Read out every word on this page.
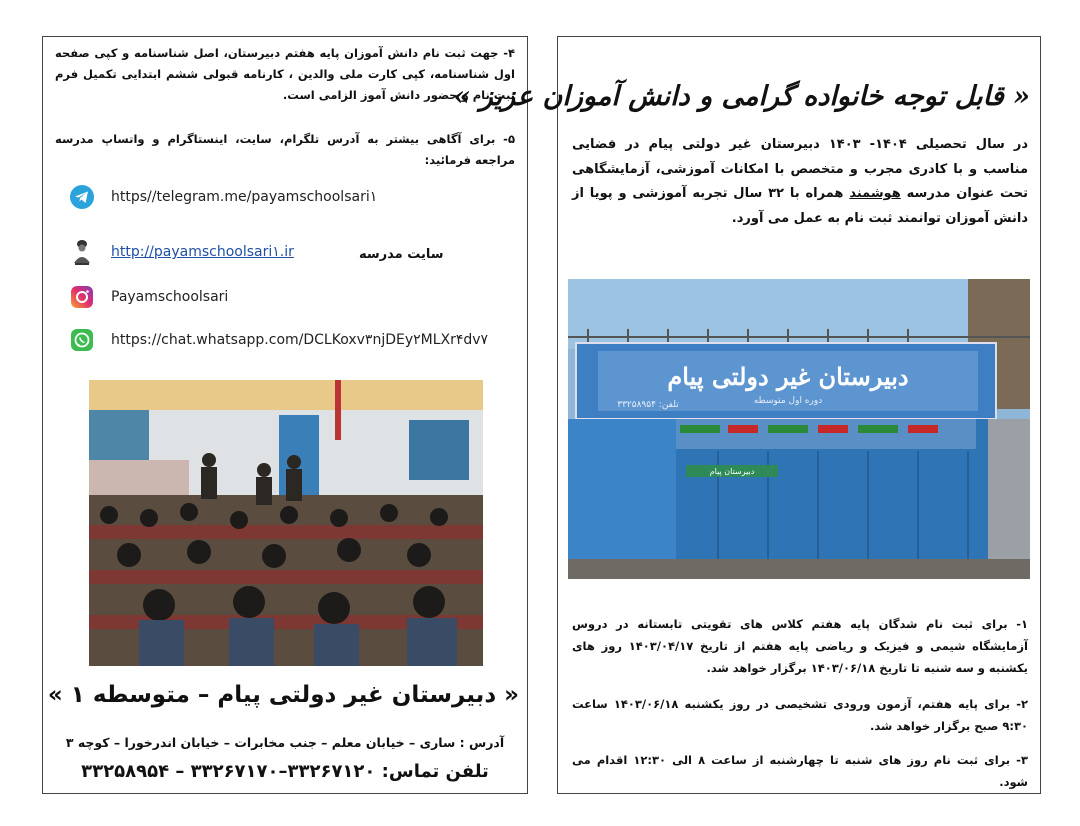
۴- جهت ثبت نام دانش آموزان پایه هفتم دبیرستان، اصل شناسنامه و کپی صفحه اول شناسنامه، کپی کارت ملی والدین ، کارنامه قبولی ششم ابتدایی تکمیل فرم ثبت نام و حضور دانش آموز الزامی است.
۵- برای آگاهی بیشتر به آدرس تلگرام، سایت، اینستاگرام و واتساپ مدرسه مراجعه فرمائید:
https//telegram.me/payamschoolsari۱
http://payamschoolsari۱.ir	سایت مدرسه
Payamschoolsari
https://chat.whatsapp.com/DCLKoxv۳njDEy۲MLXr۴dv۷
« دبیرستان غیر دولتی پیام – متوسطه ۱ »
آدرس : ساری – خیابان معلم – جنب مخابرات – خیابان اندرخورا – کوچه ۳
تلفن تماس: ۳۳۲۶۷۱۲۰–۳۳۲۶۷۱۷۰ – ۳۳۲۵۸۹۵۴
« قابل توجه خانواده گرامی و دانش آموزان عزیز »
در سال تحصیلی ۱۴۰۴- ۱۴۰۳ دبیرستان غیر دولتی پیام در فضایی مناسب و با کادری مجرب و متخصص با امکانات آموزشی، آزمایشگاهی تحت عنوان مدرسه هوشمند همراه با ۳۲ سال تجربه آموزشی و پویا از دانش آموزان توانمند ثبت نام به عمل می آورد.
دبیرستان غیر دولتی پیام
دوره اول متوسطه
تلفن: ۳۳۲۵۸۹۵۴
دبیرستان پیام
۱- برای ثبت نام شدگان پایه هفتم کلاس های تقویتی تابستانه در دروس آزمایشگاه شیمی و فیزیک و ریاضی پایه هفتم از تاریخ ۱۴۰۳/۰۴/۱۷ روز های یکشنبه و سه شنبه تا تاریخ ۱۴۰۳/۰۶/۱۸ برگزار خواهد شد.
۲- برای پایه هفتم، آزمون ورودی تشخیصی در روز یکشنبه ۱۴۰۳/۰۶/۱۸ ساعت ۹:۳۰ صبح برگزار خواهد شد.
۳- برای ثبت نام روز های شنبه تا چهارشنبه از ساعت ۸ الی ۱۲:۳۰ اقدام می شود.
